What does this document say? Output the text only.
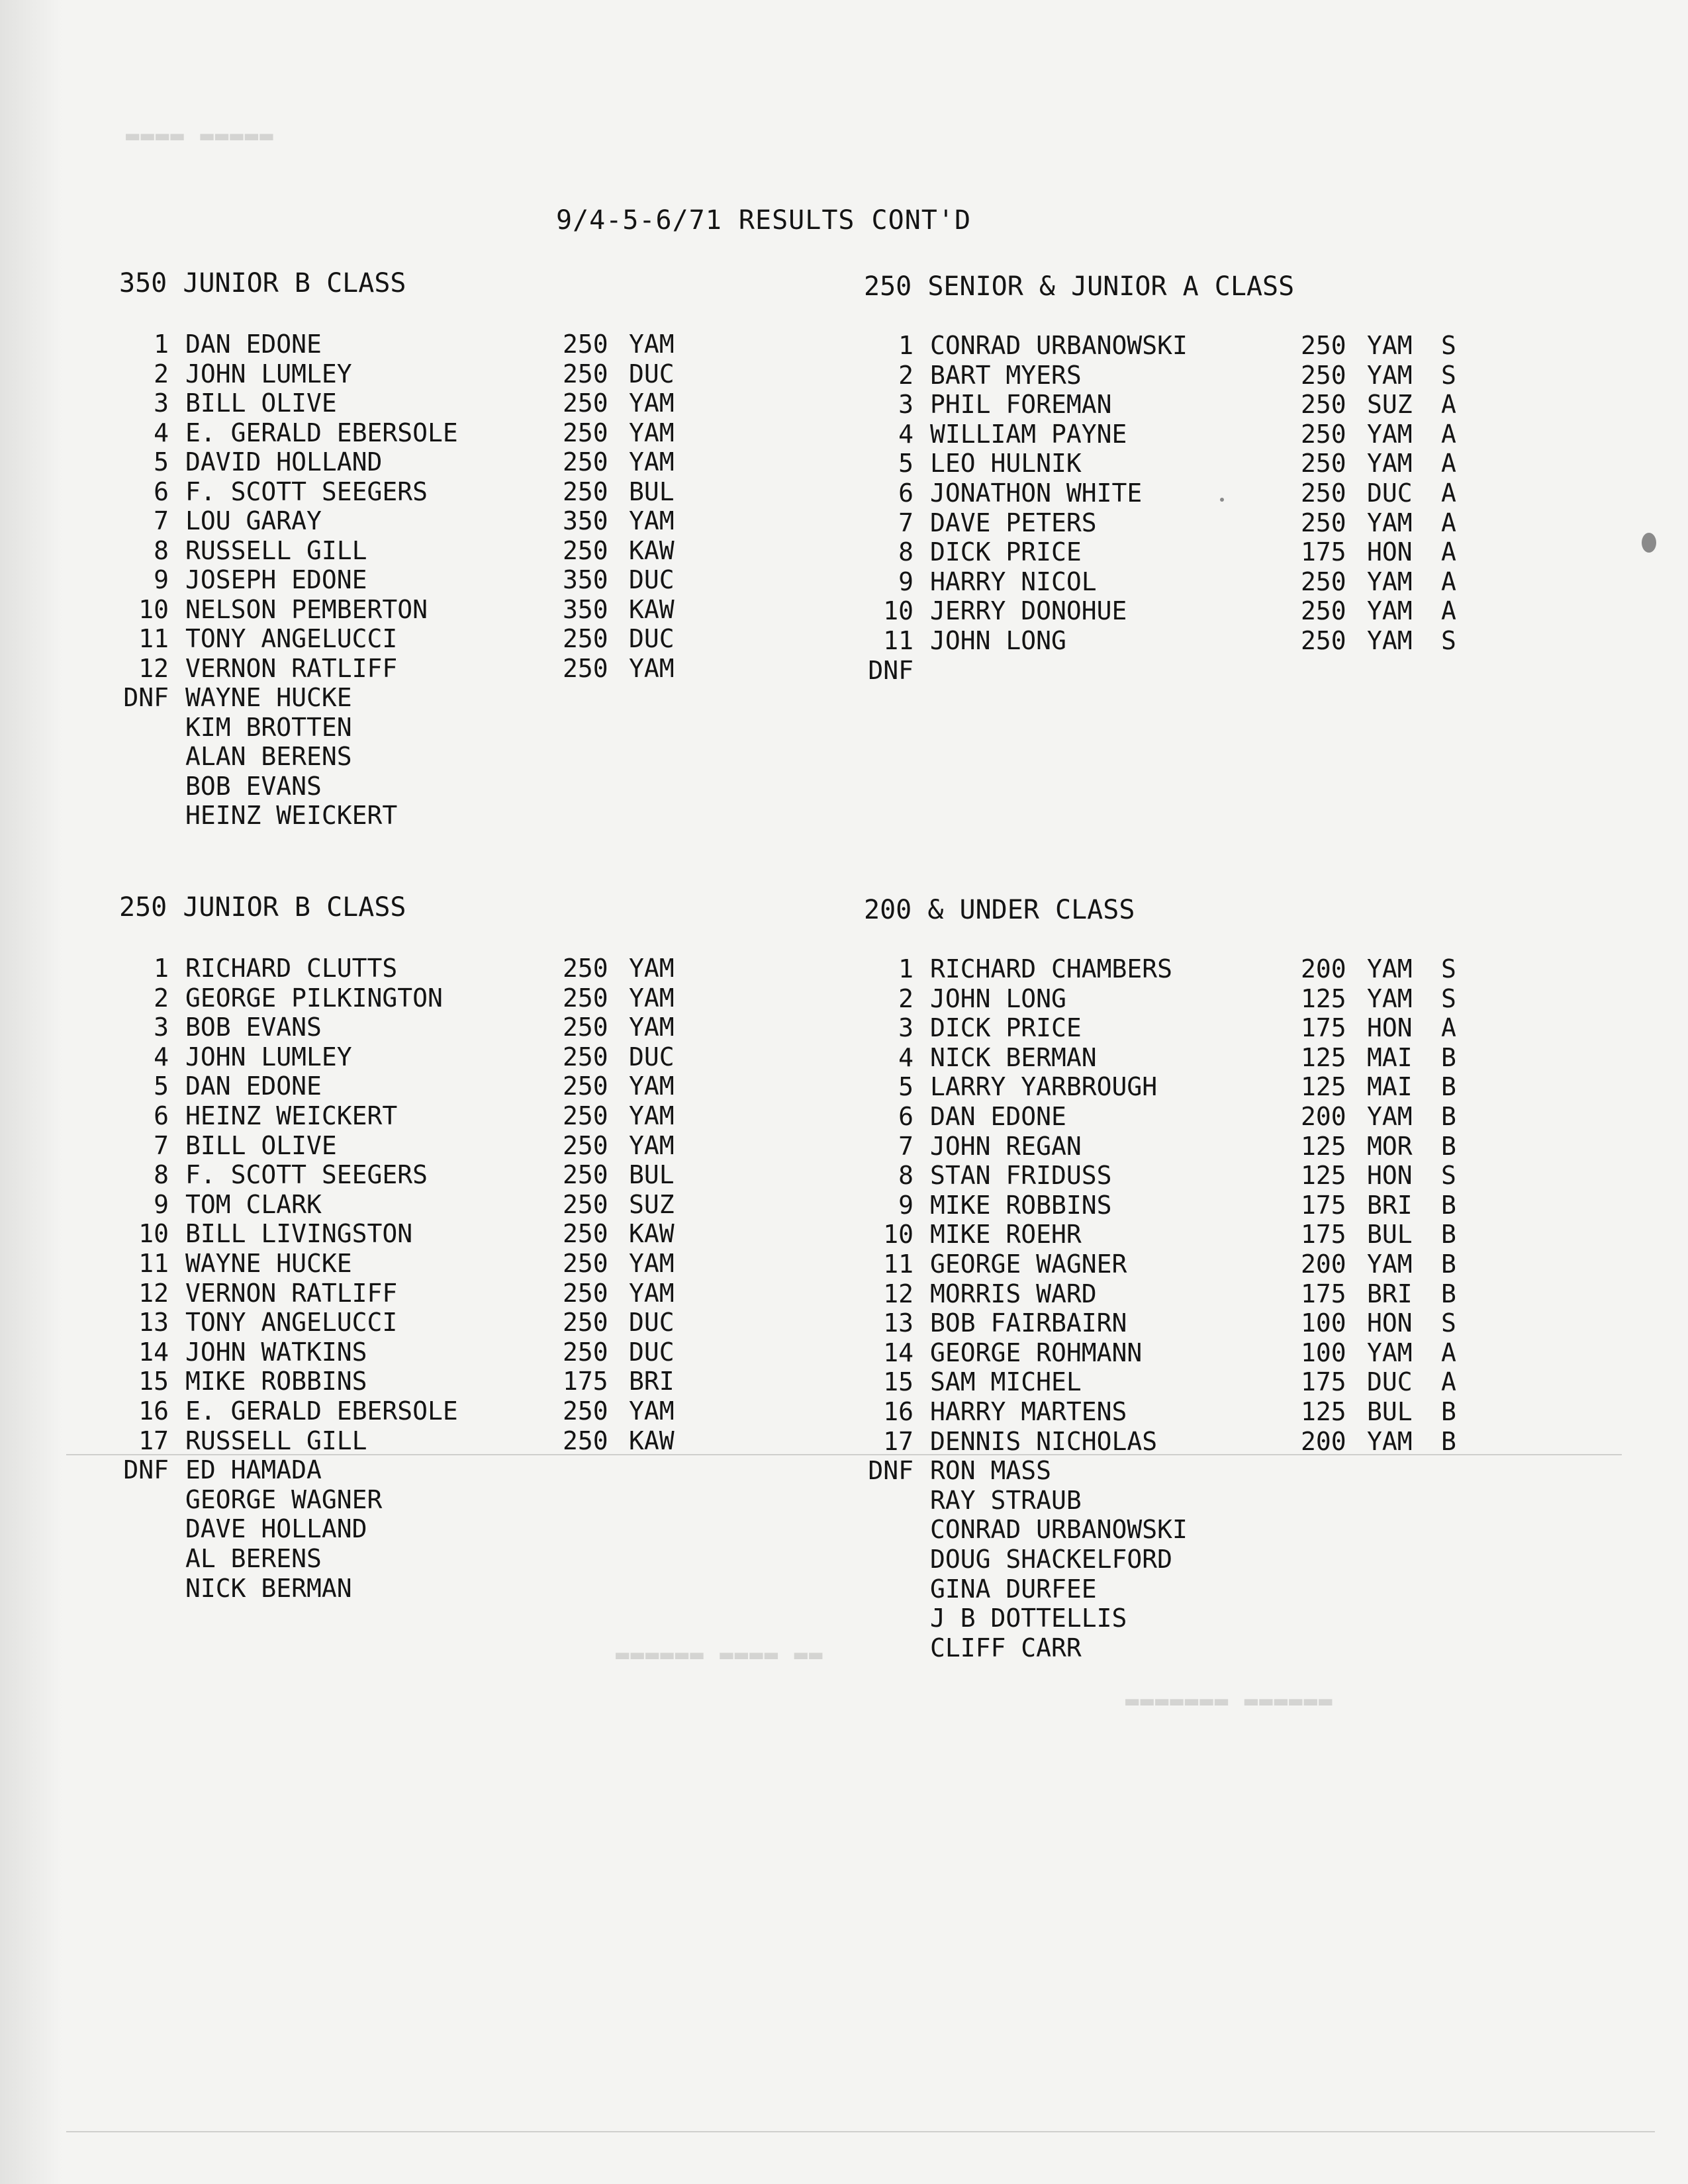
▬▬▬▬ ▬▬▬▬▬
▬▬▬▬▬▬▬ ▬▬▬▬▬▬
▬▬▬▬▬▬ ▬▬▬▬ ▬▬
9/4-5-6/71 RESULTS CONT'D
350 JUNIOR B CLASS
1 DAN EDONE	250 YAM
2 JOHN LUMLEY	250 DUC
3 BILL OLIVE	250 YAM
4 E. GERALD EBERSOLE	250 YAM
5 DAVID HOLLAND	250 YAM
6 F. SCOTT SEEGERS	250 BUL
7 LOU GARAY	350 YAM
8 RUSSELL GILL	250 KAW
9 JOSEPH EDONE	350 DUC
10 NELSON PEMBERTON	350 KAW
11 TONY ANGELUCCI	250 DUC
12 VERNON RATLIFF	250 YAM
DNF WAYNE HUCKE
KIM BROTTEN
ALAN BERENS
BOB EVANS
HEINZ WEICKERT
250 SENIOR & JUNIOR A CLASS
1 CONRAD URBANOWSKI	250 YAM S
2 BART MYERS	250 YAM S
3 PHIL FOREMAN	250 SUZ A
4 WILLIAM PAYNE	250 YAM A
5 LEO HULNIK	250 YAM A
6 JONATHON WHITE	250 DUC A
7 DAVE PETERS	250 YAM A
8 DICK PRICE	175 HON A
9 HARRY NICOL	250 YAM A
10 JERRY DONOHUE	250 YAM A
11 JOHN LONG	250 YAM S
DNF
250 JUNIOR B CLASS
1 RICHARD CLUTTS	250 YAM
2 GEORGE PILKINGTON	250 YAM
3 BOB EVANS	250 YAM
4 JOHN LUMLEY	250 DUC
5 DAN EDONE	250 YAM
6 HEINZ WEICKERT	250 YAM
7 BILL OLIVE	250 YAM
8 F. SCOTT SEEGERS	250 BUL
9 TOM CLARK	250 SUZ
10 BILL LIVINGSTON	250 KAW
11 WAYNE HUCKE	250 YAM
12 VERNON RATLIFF	250 YAM
13 TONY ANGELUCCI	250 DUC
14 JOHN WATKINS	250 DUC
15 MIKE ROBBINS	175 BRI
16 E. GERALD EBERSOLE	250 YAM
17 RUSSELL GILL	250 KAW
DNF ED HAMADA
GEORGE WAGNER
DAVE HOLLAND
AL BERENS
NICK BERMAN
200 & UNDER CLASS
1 RICHARD CHAMBERS	200 YAM S
2 JOHN LONG	125 YAM S
3 DICK PRICE	175 HON A
4 NICK BERMAN	125 MAI B
5 LARRY YARBROUGH	125 MAI B
6 DAN EDONE	200 YAM B
7 JOHN REGAN	125 MOR B
8 STAN FRIDUSS	125 HON S
9 MIKE ROBBINS	175 BRI B
10 MIKE ROEHR	175 BUL B
11 GEORGE WAGNER	200 YAM B
12 MORRIS WARD	175 BRI B
13 BOB FAIRBAIRN	100 HON S
14 GEORGE ROHMANN	100 YAM A
15 SAM MICHEL	175 DUC A
16 HARRY MARTENS	125 BUL B
17 DENNIS NICHOLAS	200 YAM B
DNF RON MASS
RAY STRAUB
CONRAD URBANOWSKI
DOUG SHACKELFORD
GINA DURFEE
J B DOTTELLIS
CLIFF CARR
